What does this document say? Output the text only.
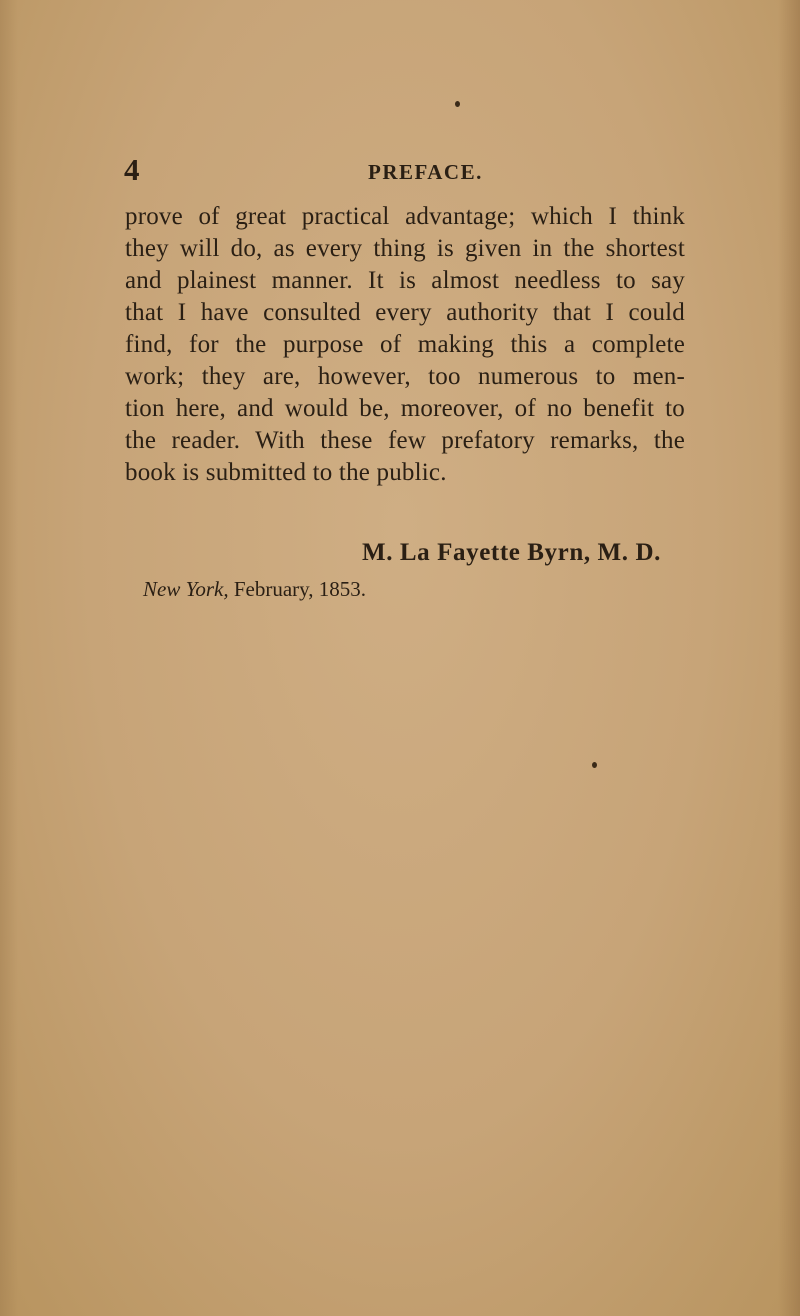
4	PREFACE.
prove of great practical advantage; which I think
they will do, as every thing is given in the shortest
and plainest manner. It is almost needless to say
that I have consulted every authority that I could
find, for the purpose of making this a complete
work; they are, however, too numerous to men-
tion here, and would be, moreover, of no benefit to
the reader. With these few prefatory remarks, the
book is submitted to the public.
M. La Fayette Byrn, M. D.
New York, February, 1853.
